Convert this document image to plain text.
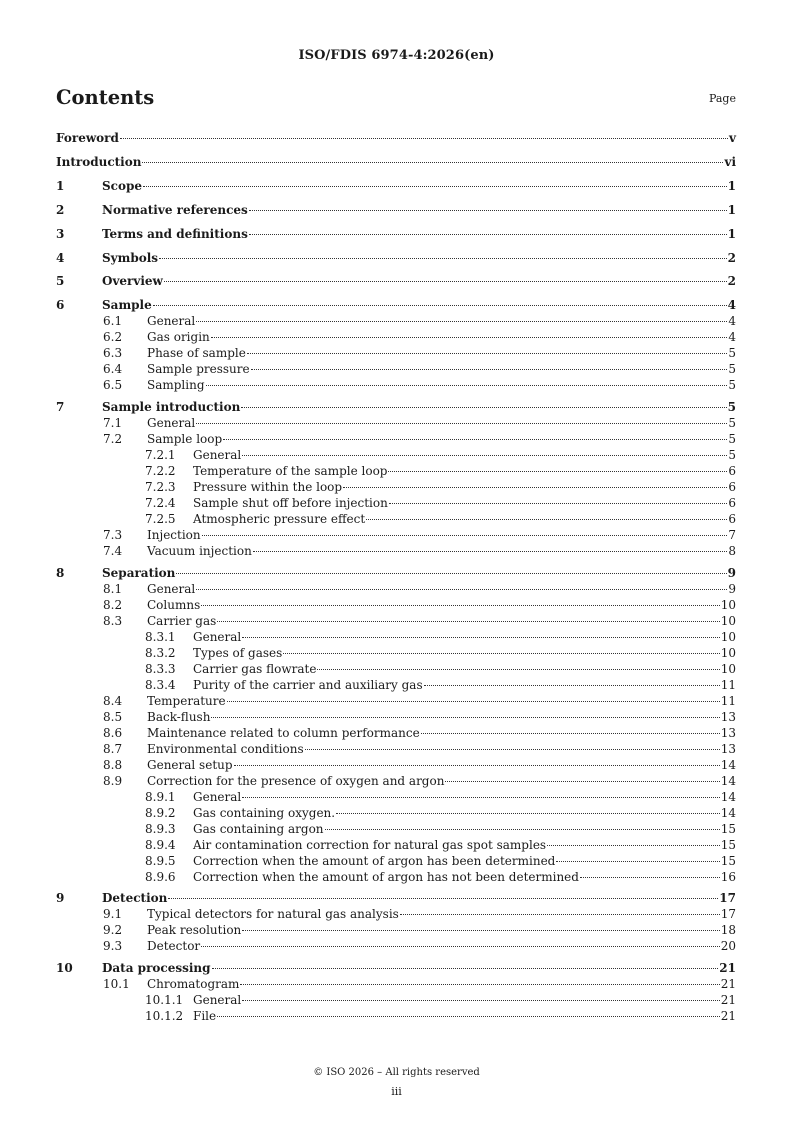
ISO/FDIS 6974-4:2026(en)
Contents	Page
Foreword	v
Introduction	vi
1	Scope	1
2	Normative references	1
3	Terms and definitions	1
4	Symbols	2
5	Overview	2
6	Sample	4
6.1 General	4
6.2 Gas origin	4
6.3 Phase of sample	5
6.4 Sample pressure	5
6.5 Sampling	5
7	Sample introduction	5
7.1 General	5
7.2 Sample loop	5
7.2.1 General	5
7.2.2 Temperature of the sample loop	6
7.2.3 Pressure within the loop	6
7.2.4 Sample shut off before injection	6
7.2.5 Atmospheric pressure effect	6
7.3 Injection	7
7.4 Vacuum injection	8
8	Separation	9
8.1 General	9
8.2 Columns	10
8.3 Carrier gas	10
8.3.1 General	10
8.3.2 Types of gases	10
8.3.3 Carrier gas flowrate	10
8.3.4 Purity of the carrier and auxiliary gas	11
8.4 Temperature	11
8.5 Back-flush	13
8.6 Maintenance related to column performance	13
8.7 Environmental conditions	13
8.8 General setup	14
8.9 Correction for the presence of oxygen and argon	14
8.9.1 General	14
8.9.2 Gas containing oxygen.	14
8.9.3 Gas containing argon	15
8.9.4 Air contamination correction for natural gas spot samples	15
8.9.5 Correction when the amount of argon has been determined	15
8.9.6 Correction when the amount of argon has not been determined	16
9	Detection	17
9.1 Typical detectors for natural gas analysis	17
9.2 Peak resolution	18
9.3 Detector	20
10 Data processing	21
10.1 Chromatogram	21
10.1.1 General	21
10.1.2 File	21
© ISO 2026 – All rights reserved
iii
